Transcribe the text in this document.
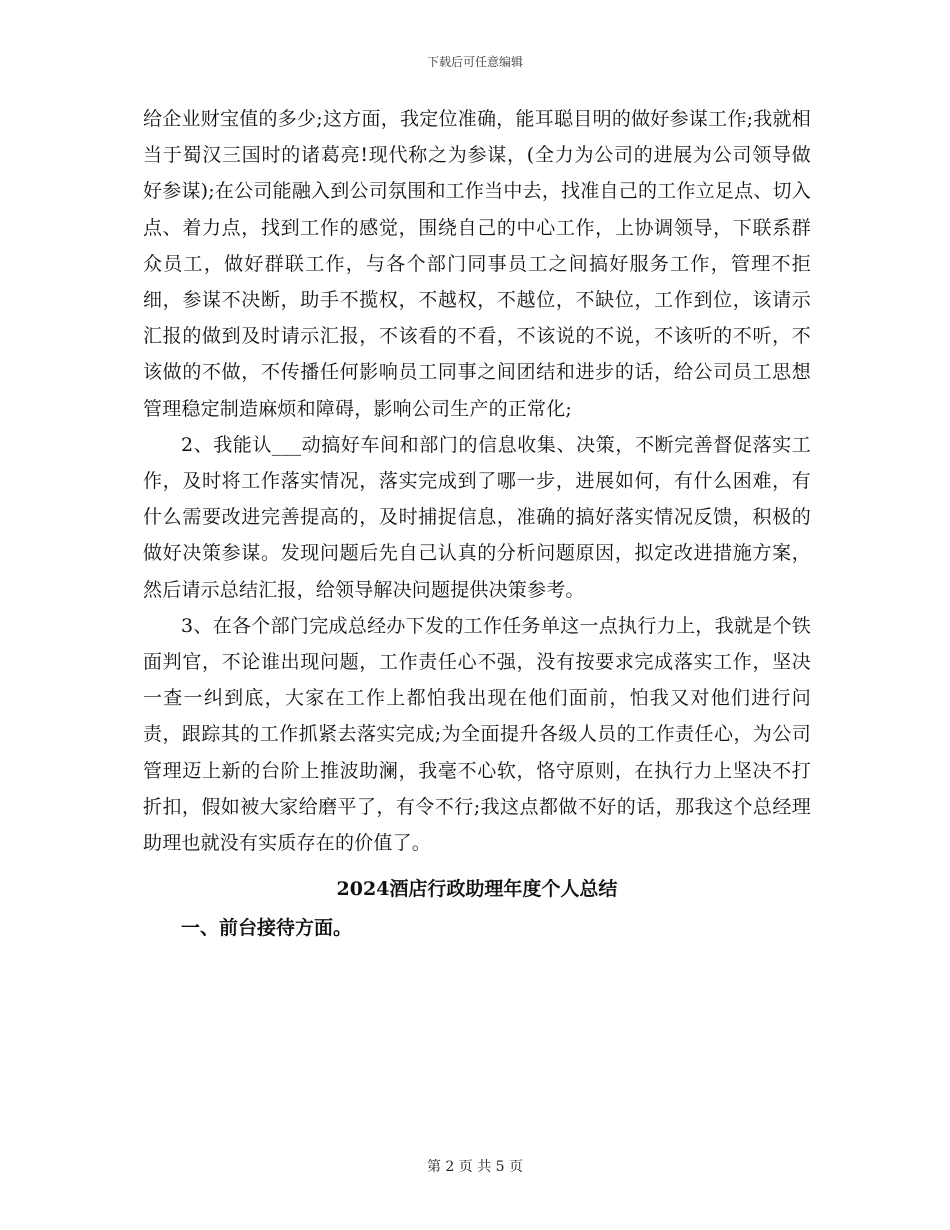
下载后可任意编辑

给企业财宝值的多少;这方面，我定位准确，能耳聪目明的做好参谋工作;我就相当于蜀汉三国时的诸葛亮!现代称之为参谋，(全力为公司的进展为公司领导做好参谋);在公司能融入到公司氛围和工作当中去，找准自己的工作立足点、切入点、着力点，找到工作的感觉，围绕自己的中心工作，上协调领导，下联系群众员工，做好群联工作，与各个部门同事员工之间搞好服务工作，管理不拒细，参谋不决断，助手不揽权，不越权，不越位，不缺位，工作到位，该请示汇报的做到及时请示汇报，不该看的不看，不该说的不说，不该听的不听，不该做的不做，不传播任何影响员工同事之间团结和进步的话，给公司员工思想管理稳定制造麻烦和障碍，影响公司生产的正常化;

2、我能认___动搞好车间和部门的信息收集、决策，不断完善督促落实工作，及时将工作落实情况，落实完成到了哪一步，进展如何，有什么困难，有什么需要改进完善提高的，及时捕捉信息，准确的搞好落实情况反馈，积极的做好决策参谋。发现问题后先自己认真的分析问题原因，拟定改进措施方案，然后请示总结汇报，给领导解决问题提供决策参考。

3、在各个部门完成总经办下发的工作任务单这一点执行力上，我就是个铁面判官，不论谁出现问题，工作责任心不强，没有按要求完成落实工作，坚决一查一纠到底，大家在工作上都怕我出现在他们面前，怕我又对他们进行问责，跟踪其的工作抓紧去落实完成;为全面提升各级人员的工作责任心，为公司管理迈上新的台阶上推波助澜，我毫不心软，恪守原则，在执行力上坚决不打折扣，假如被大家给磨平了，有令不行;我这点都做不好的话，那我这个总经理助理也就没有实质存在的价值了。

2024酒店行政助理年度个人总结

一、前台接待方面。

第 2 页 共 5 页
